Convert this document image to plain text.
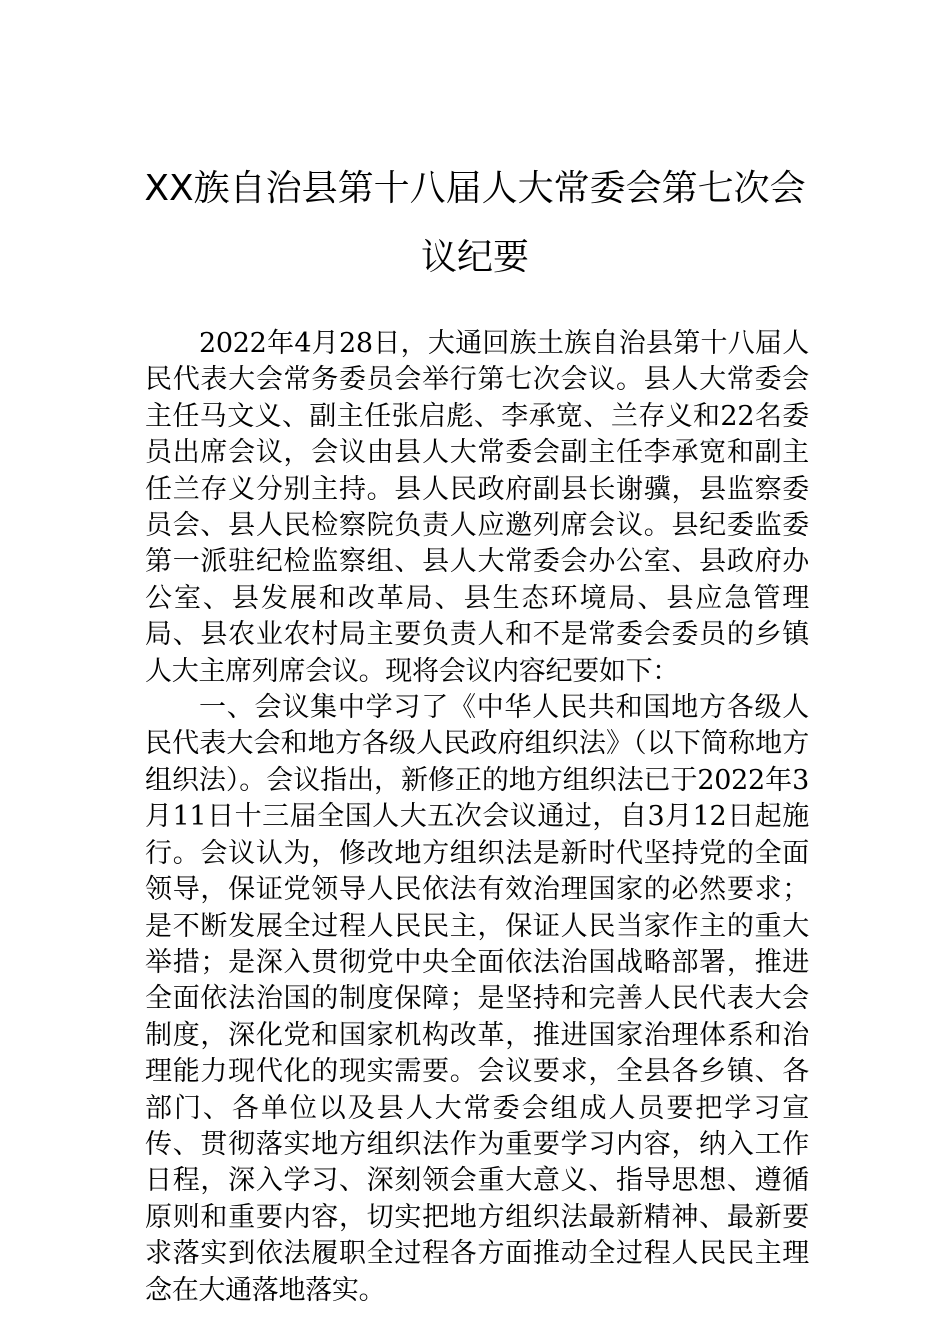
XX族自治县第十八届人大常委会第七次会
议纪要

2022年4月28日，大通回族土族自治县第十八届人民代表大会常务委员会举行第七次会议。县人大常委会主任马文义、副主任张启彪、李承宽、兰存义和22名委员出席会议，会议由县人大常委会副主任李承宽和副主任兰存义分别主持。县人民政府副县长谢骥，县监察委员会、县人民检察院负责人应邀列席会议。县纪委监委第一派驻纪检监察组、县人大常委会办公室、县政府办公室、县发展和改革局、县生态环境局、县应急管理局、县农业农村局主要负责人和不是常委会委员的乡镇人大主席列席会议。现将会议内容纪要如下：

一、会议集中学习了《中华人民共和国地方各级人民代表大会和地方各级人民政府组织法》（以下简称地方组织法）。会议指出，新修正的地方组织法已于2022年3月11日十三届全国人大五次会议通过，自3月12日起施行。会议认为，修改地方组织法是新时代坚持党的全面领导，保证党领导人民依法有效治理国家的必然要求；是不断发展全过程人民民主，保证人民当家作主的重大举措；是深入贯彻党中央全面依法治国战略部署，推进全面依法治国的制度保障；是坚持和完善人民代表大会制度，深化党和国家机构改革，推进国家治理体系和治理能力现代化的现实需要。会议要求，全县各乡镇、各部门、各单位以及县人大常委会组成人员要把学习宣传、贯彻落实地方组织法作为重要学习内容，纳入工作日程，深入学习、深刻领会重大意义、指导思想、遵循原则和重要内容，切实把地方组织法最新精神、最新要求落实到依法履职全过程各方面推动全过程人民民主理念在大通落地落实。
